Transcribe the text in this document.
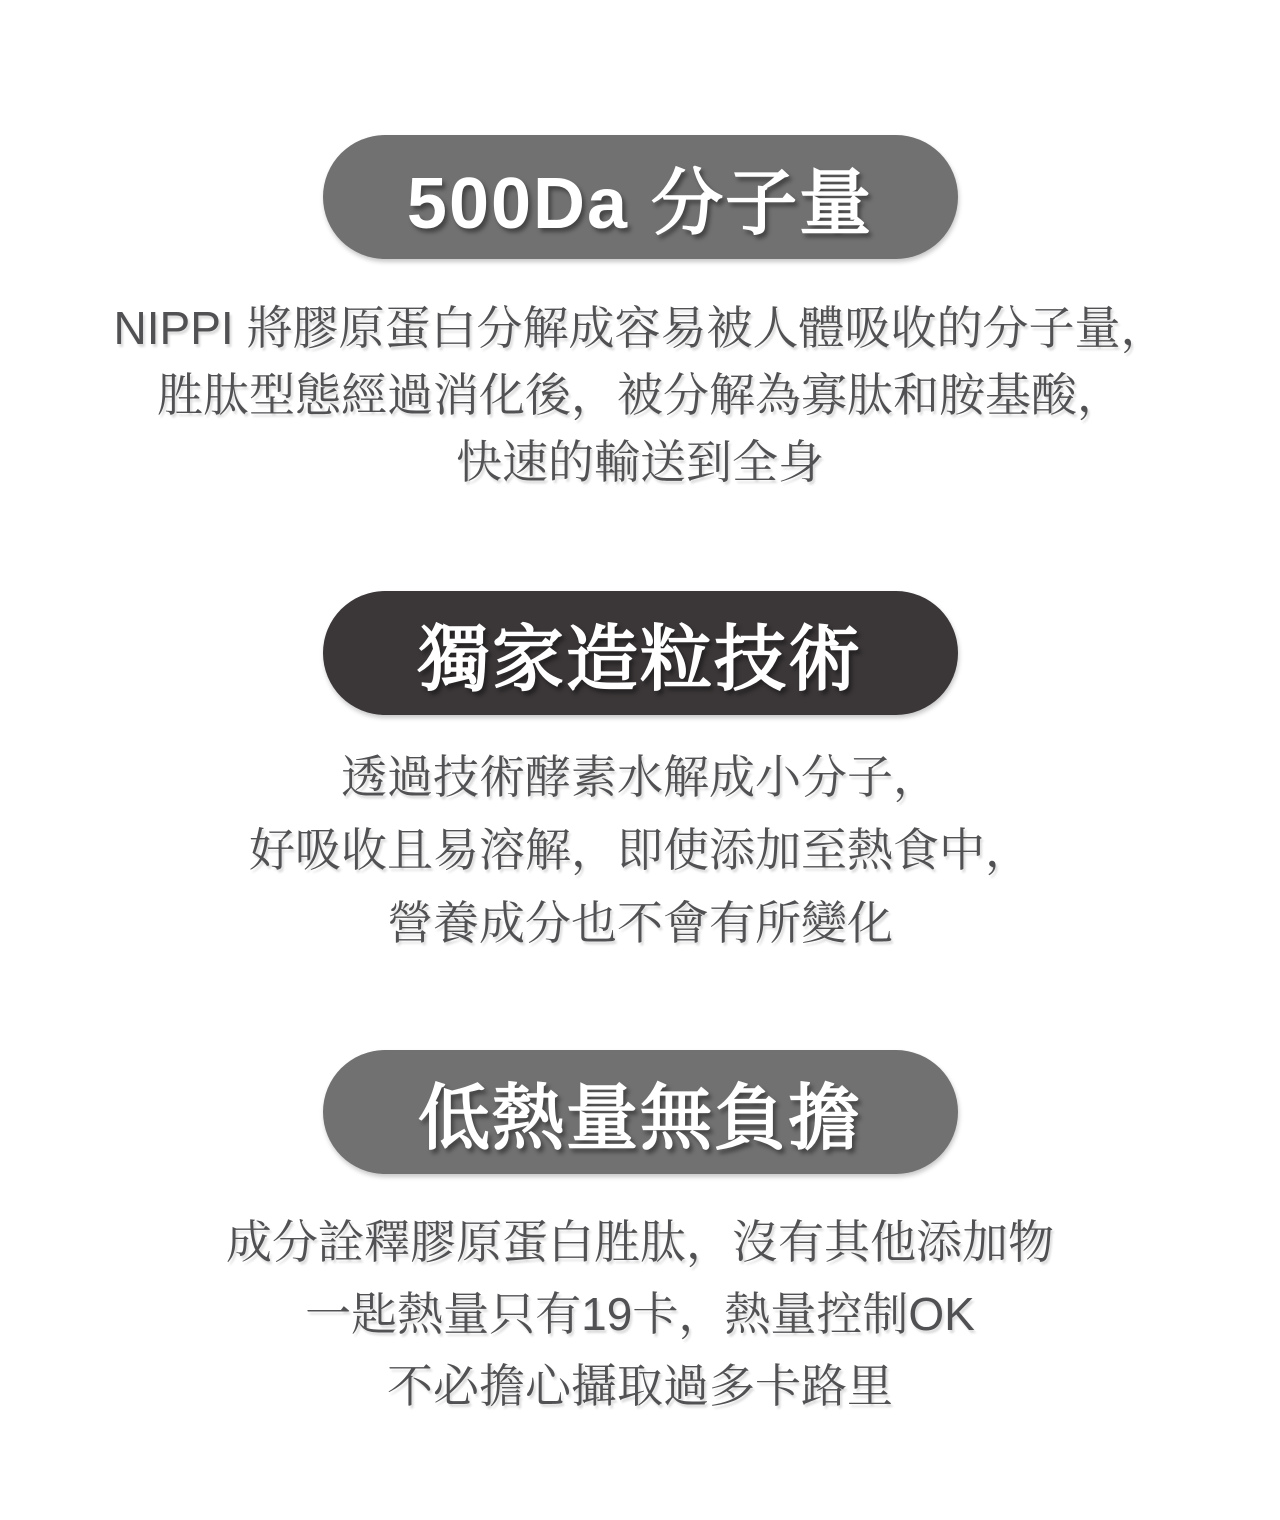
500Da 分子量

NIPPI 將膠原蛋白分解成容易被人體吸收的分子量，

胜肽型態經過消化後，被分解為寡肽和胺基酸，

快速的輸送到全身

獨家造粒技術

透過技術酵素水解成小分子，

好吸收且易溶解，即使添加至熱食中，

營養成分也不會有所變化

低熱量無負擔

成分詮釋膠原蛋白胜肽，沒有其他添加物

一匙熱量只有19卡，熱量控制OK

不必擔心攝取過多卡路里
